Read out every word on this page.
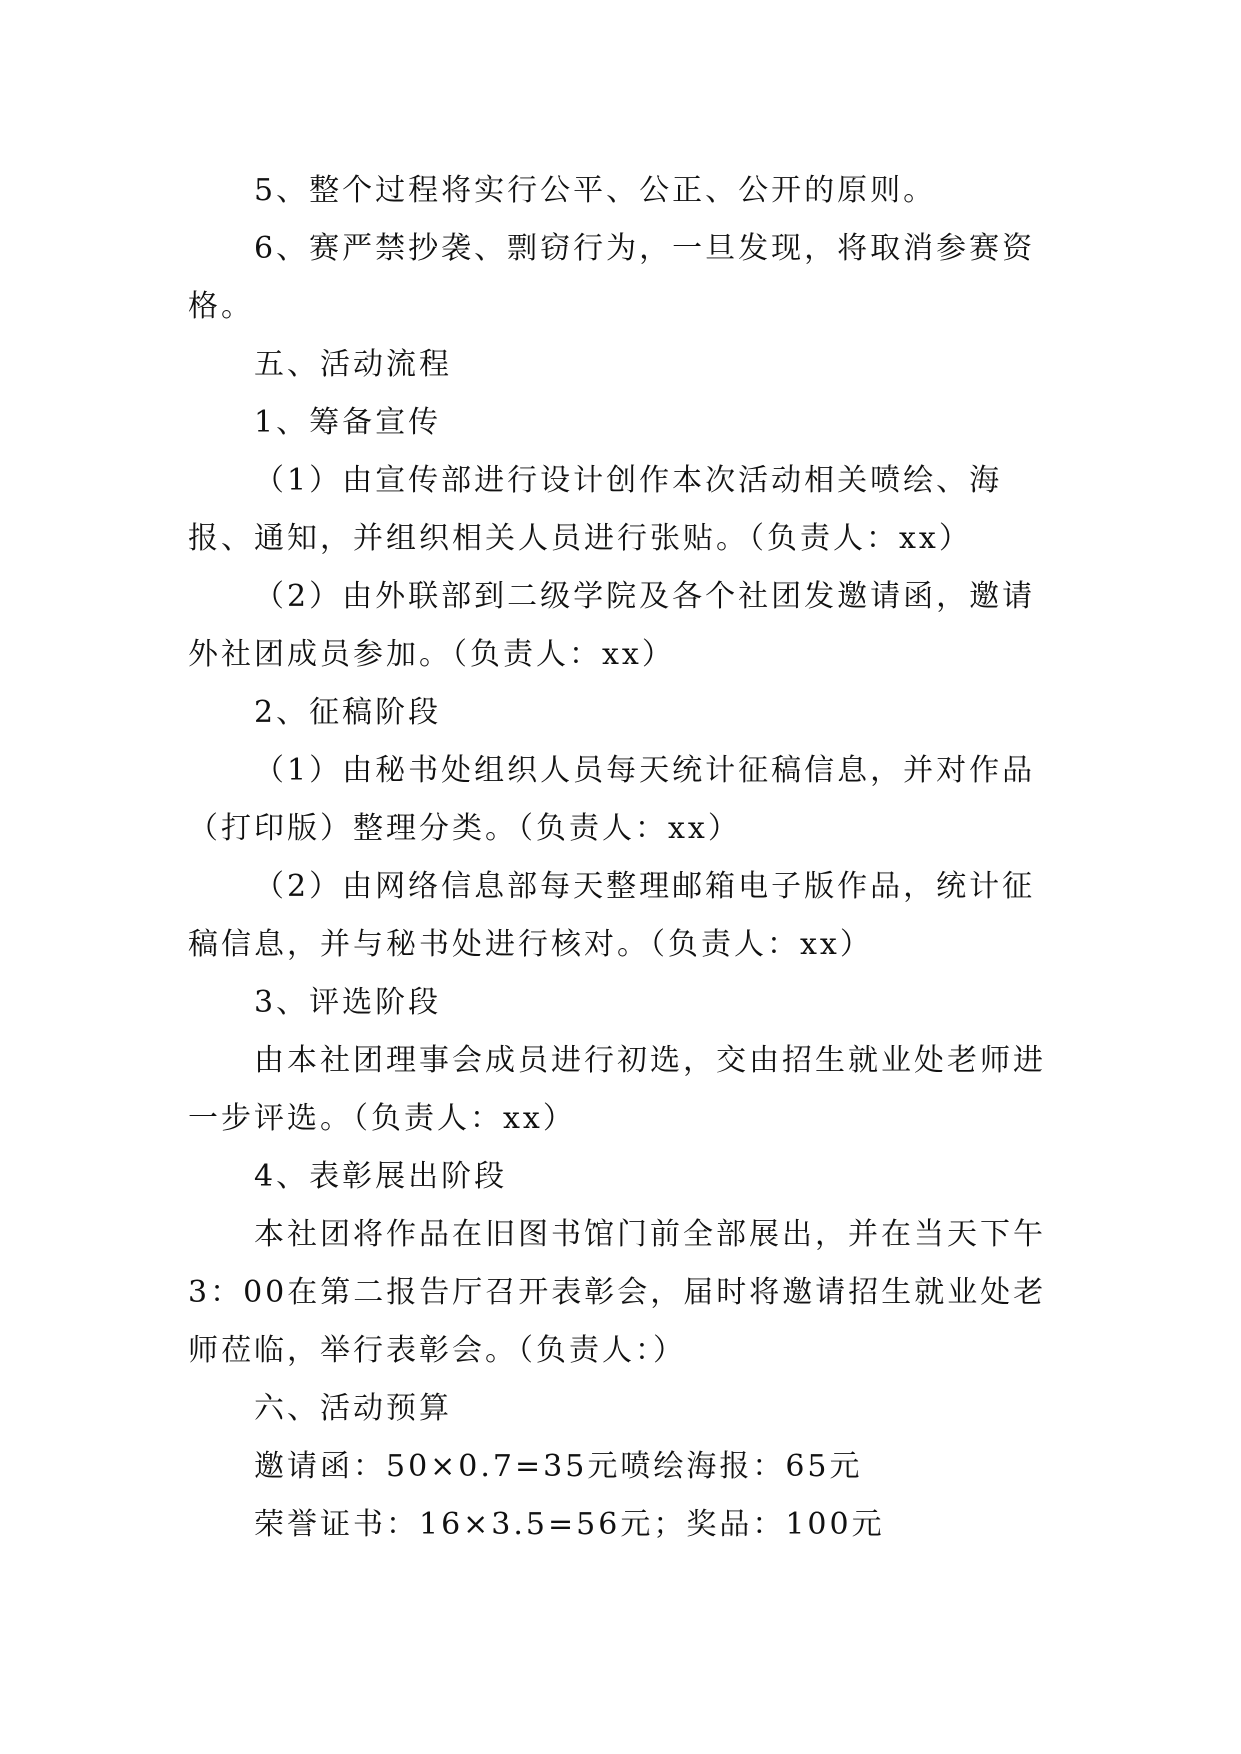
5、整个过程将实行公平、公正、公开的原则。

6、赛严禁抄袭、剽窃行为，一旦发现，将取消参赛资格。

五、活动流程

1、筹备宣传

（1）由宣传部进行设计创作本次活动相关喷绘、海报、通知，并组织相关人员进行张贴。（负责人：xx）

（2）由外联部到二级学院及各个社团发邀请函，邀请外社团成员参加。（负责人：xx）

2、征稿阶段

（1）由秘书处组织人员每天统计征稿信息，并对作品（打印版）整理分类。（负责人：xx）

（2）由网络信息部每天整理邮箱电子版作品，统计征稿信息，并与秘书处进行核对。（负责人：xx）

3、评选阶段

由本社团理事会成员进行初选，交由招生就业处老师进一步评选。（负责人：xx）

4、表彰展出阶段

本社团将作品在旧图书馆门前全部展出，并在当天下午3：00在第二报告厅召开表彰会，届时将邀请招生就业处老师莅临，举行表彰会。（负责人：）

六、活动预算

邀请函：50×0.7=35元喷绘海报：65元

荣誉证书：16×3.5=56元；奖品：100元
